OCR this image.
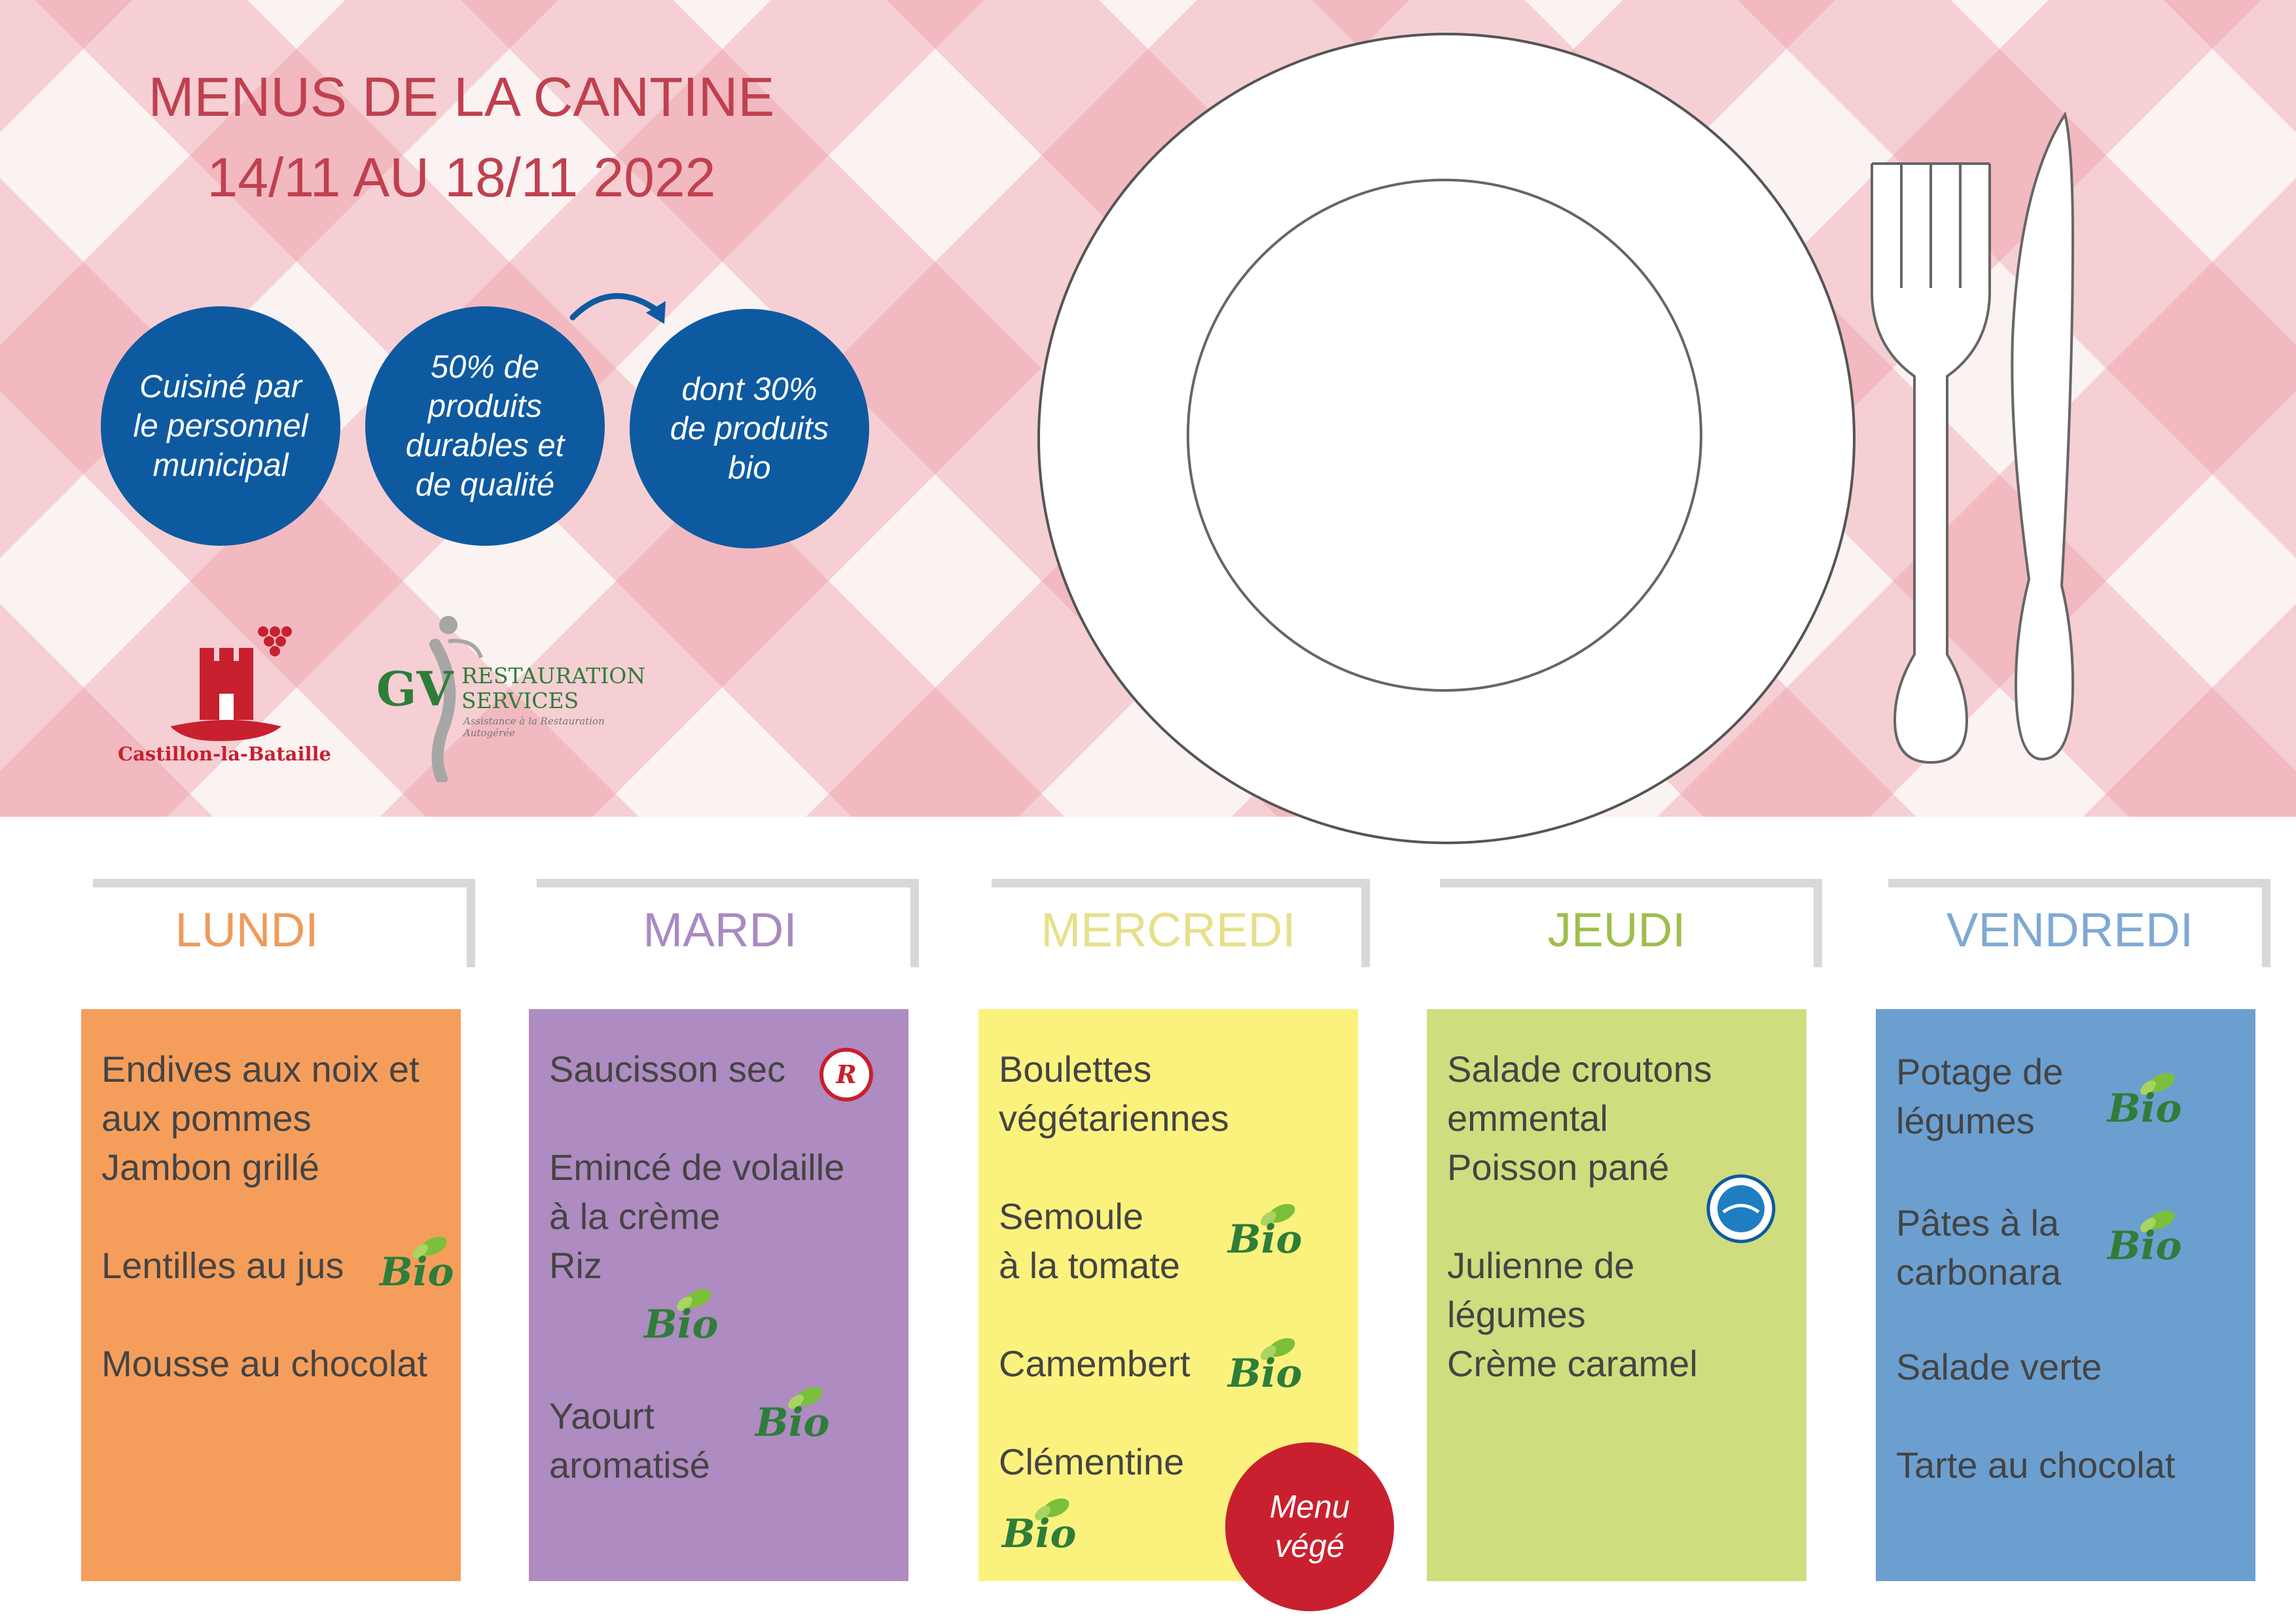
MENUS DE LA CANTINE
14/11 AU 18/11 2022
Cuisiné par
le personnel
municipal
50% de
produits
durables et
de qualité
dont 30%
de produits
bio
Castillon-la-Bataille
GV RESTAURATION
SERVICES
Assistance à la Restauration Autogérée
LUNDI	MARDI	MERCREDI	JEUDI	VENDREDI
Endives aux noix et
aux pommes
Jambon grillé
Lentilles au jus
Mousse au chocolat
Bio
Saucisson sec
Emincé de volaille
à la crème
Riz
Yaourt
aromatisé
R
Bio
Bio
Boulettes
végétariennes
Semoule
à la tomate
Camembert
Clémentine
Bio
Bio
Bio
Salade croutons
emmental
Poisson pané
Julienne de
légumes
Crème caramel
Potage de
légumes
Pâtes à la
carbonara
Salade verte
Tarte au chocolat
Bio
Bio
Menu
végé
